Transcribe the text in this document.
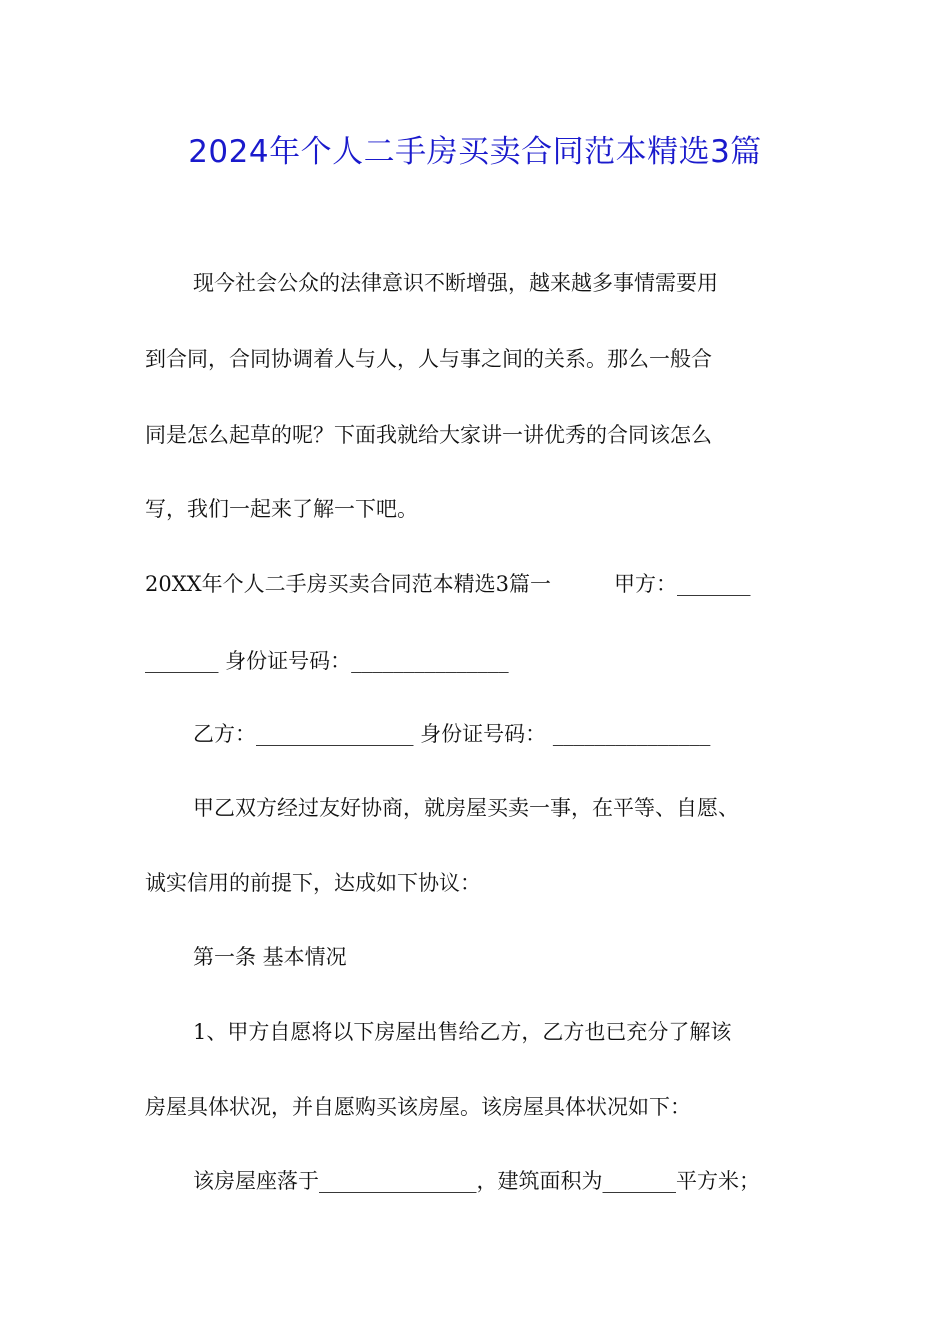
2024年个人二手房买卖合同范本精选3篇
现今社会公众的法律意识不断增强，越来越多事情需要用
到合同，合同协调着人与人，人与事之间的关系。那么一般合
同是怎么起草的呢？下面我就给大家讲一讲优秀的合同该怎么
写，我们一起来了解一下吧。
20XX年个人二手房买卖合同范本精选3篇一　　　甲方：_______
_______ 身份证号码：_______________
乙方：_______________ 身份证号码： _______________
甲乙双方经过友好协商，就房屋买卖一事，在平等、自愿、
诚实信用的前提下，达成如下协议：
第一条 基本情况
1、甲方自愿将以下房屋出售给乙方，乙方也已充分了解该
房屋具体状况，并自愿购买该房屋。该房屋具体状况如下：
该房屋座落于_______________，建筑面积为_______平方米；
